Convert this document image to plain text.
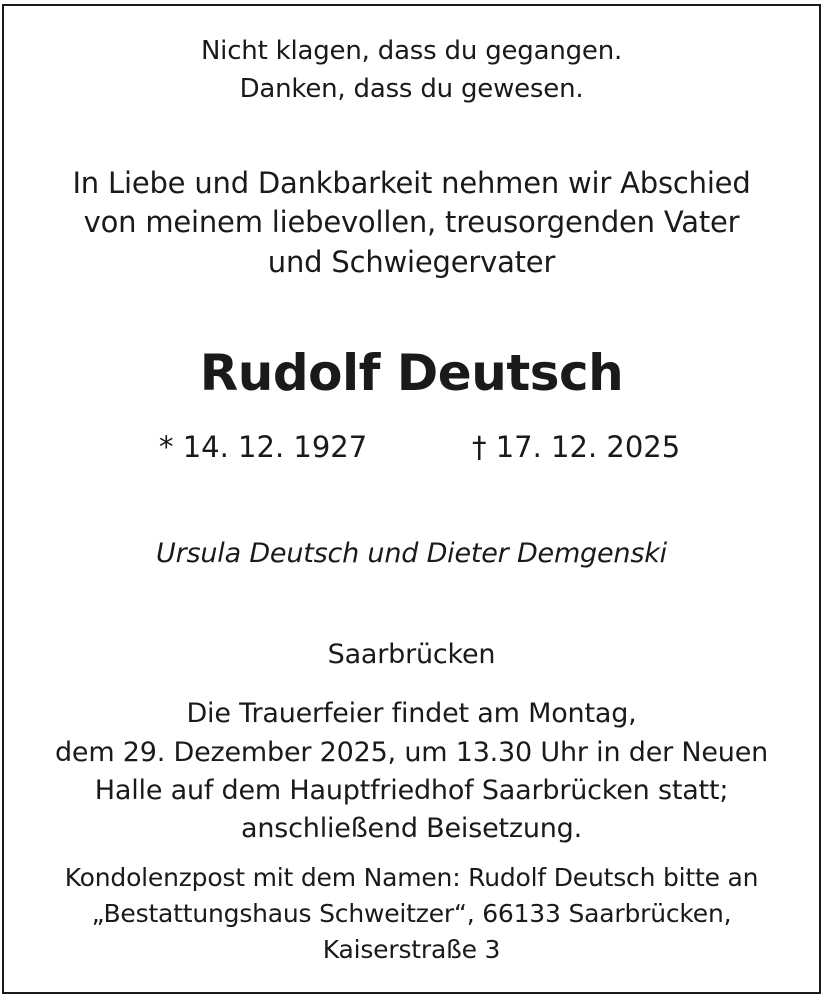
Nicht klagen, dass du gegangen.
Danken, dass du gewesen.
In Liebe und Dankbarkeit nehmen wir Abschied
von meinem liebevollen, treusorgenden Vater
und Schwiegervater
Rudolf Deutsch
* 14. 12. 1927	† 17. 12. 2025
Ursula Deutsch und Dieter Demgenski
Saarbrücken
Die Trauerfeier findet am Montag,
dem 29. Dezember 2025, um 13.30 Uhr in der Neuen
Halle auf dem Hauptfriedhof Saarbrücken statt;
anschließend Beisetzung.
Kondolenzpost mit dem Namen: Rudolf Deutsch bitte an
„Bestattungshaus Schweitzer“, 66133 Saarbrücken,
Kaiserstraße 3
